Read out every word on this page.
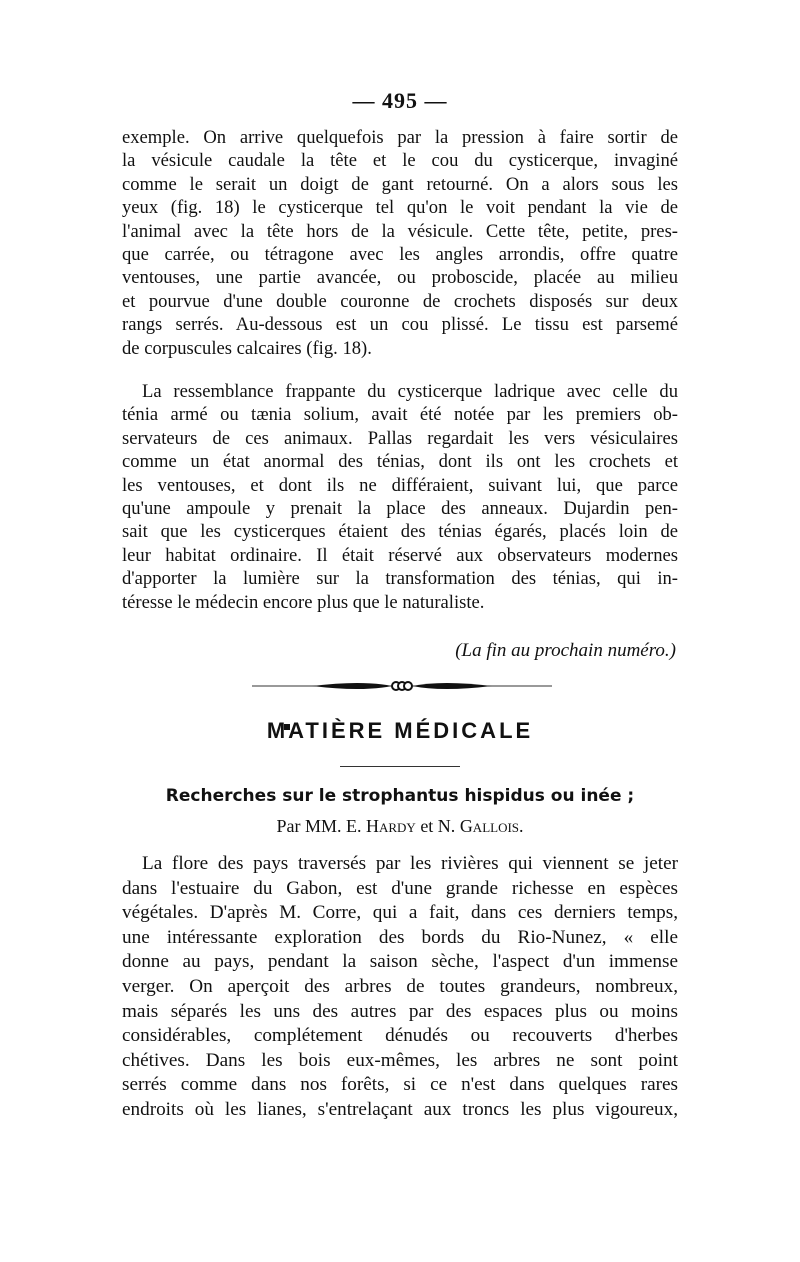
— 495 —
exemple. On arrive quelquefois par la pression à faire sortir de
la vésicule caudale la tête et le cou du cysticerque, invaginé
comme le serait un doigt de gant retourné. On a alors sous les
yeux (fig. 18) le cysticerque tel qu'on le voit pendant la vie de
l'animal avec la tête hors de la vésicule. Cette tête, petite, pres-
que carrée, ou tétragone avec les angles arrondis, offre quatre
ventouses, une partie avancée, ou proboscide, placée au milieu
et pourvue d'une double couronne de crochets disposés sur deux
rangs serrés. Au-dessous est un cou plissé. Le tissu est parsemé
de corpuscules calcaires (fig. 18).
La ressemblance frappante du cysticerque ladrique avec celle du
ténia armé ou tænia solium, avait été notée par les premiers ob-
servateurs de ces animaux. Pallas regardait les vers vésiculaires
comme un état anormal des ténias, dont ils ont les crochets et
les ventouses, et dont ils ne différaient, suivant lui, que parce
qu'une ampoule y prenait la place des anneaux. Dujardin pen-
sait que les cysticerques étaient des ténias égarés, placés loin de
leur habitat ordinaire. Il était réservé aux observateurs modernes
d'apporter la lumière sur la transformation des ténias, qui in-
téresse le médecin encore plus que le naturaliste.
(La fin au prochain numéro.)
MATIÈRE MÉDICALE
Recherches sur le strophantus hispidus ou inée ;
Par MM. E. Hardy et N. Gallois.
La flore des pays traversés par les rivières qui viennent se jeter
dans l'estuaire du Gabon, est d'une grande richesse en espèces
végétales. D'après M. Corre, qui a fait, dans ces derniers temps,
une intéressante exploration des bords du Rio-Nunez, « elle
donne au pays, pendant la saison sèche, l'aspect d'un immense
verger. On aperçoit des arbres de toutes grandeurs, nombreux,
mais séparés les uns des autres par des espaces plus ou moins
considérables, complétement dénudés ou recouverts d'herbes
chétives. Dans les bois eux-mêmes, les arbres ne sont point
serrés comme dans nos forêts, si ce n'est dans quelques rares
endroits où les lianes, s'entrelaçant aux troncs les plus vigoureux,
